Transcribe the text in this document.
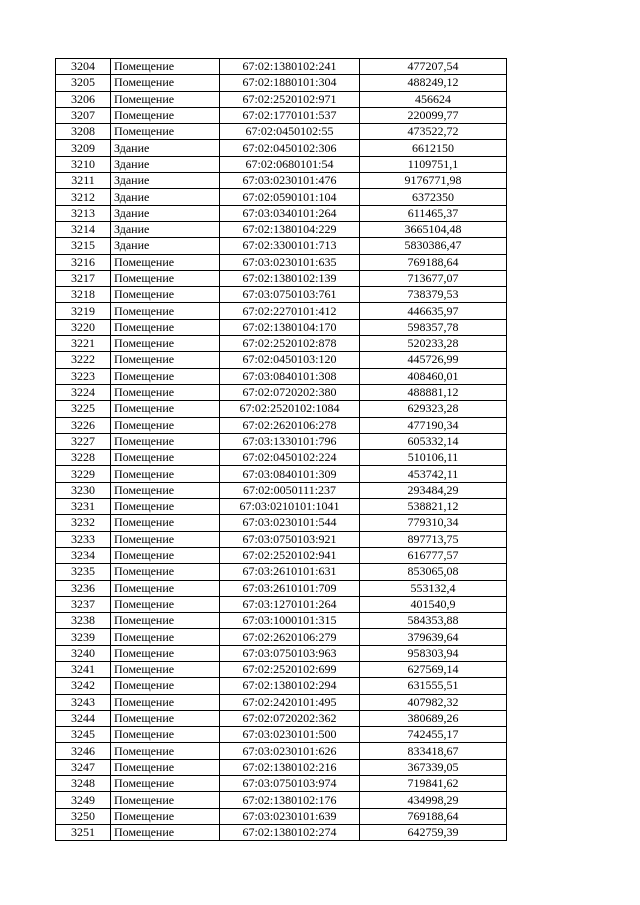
3204	Помещение	67:02:1380102:241	477207,54
3205	Помещение	67:02:1880101:304	488249,12
3206	Помещение	67:02:2520102:971	456624
3207	Помещение	67:02:1770101:537	220099,77
3208	Помещение	67:02:0450102:55	473522,72
3209	Здание	67:02:0450102:306	6612150
3210	Здание	67:02:0680101:54	1109751,1
3211	Здание	67:03:0230101:476	9176771,98
3212	Здание	67:02:0590101:104	6372350
3213	Здание	67:03:0340101:264	611465,37
3214	Здание	67:02:1380104:229	3665104,48
3215	Здание	67:02:3300101:713	5830386,47
3216	Помещение	67:03:0230101:635	769188,64
3217	Помещение	67:02:1380102:139	713677,07
3218	Помещение	67:03:0750103:761	738379,53
3219	Помещение	67:02:2270101:412	446635,97
3220	Помещение	67:02:1380104:170	598357,78
3221	Помещение	67:02:2520102:878	520233,28
3222	Помещение	67:02:0450103:120	445726,99
3223	Помещение	67:03:0840101:308	408460,01
3224	Помещение	67:02:0720202:380	488881,12
3225	Помещение	67:02:2520102:1084	629323,28
3226	Помещение	67:02:2620106:278	477190,34
3227	Помещение	67:03:1330101:796	605332,14
3228	Помещение	67:02:0450102:224	510106,11
3229	Помещение	67:03:0840101:309	453742,11
3230	Помещение	67:02:0050111:237	293484,29
3231	Помещение	67:03:0210101:1041	538821,12
3232	Помещение	67:03:0230101:544	779310,34
3233	Помещение	67:03:0750103:921	897713,75
3234	Помещение	67:02:2520102:941	616777,57
3235	Помещение	67:03:2610101:631	853065,08
3236	Помещение	67:03:2610101:709	553132,4
3237	Помещение	67:03:1270101:264	401540,9
3238	Помещение	67:03:1000101:315	584353,88
3239	Помещение	67:02:2620106:279	379639,64
3240	Помещение	67:03:0750103:963	958303,94
3241	Помещение	67:02:2520102:699	627569,14
3242	Помещение	67:02:1380102:294	631555,51
3243	Помещение	67:02:2420101:495	407982,32
3244	Помещение	67:02:0720202:362	380689,26
3245	Помещение	67:03:0230101:500	742455,17
3246	Помещение	67:03:0230101:626	833418,67
3247	Помещение	67:02:1380102:216	367339,05
3248	Помещение	67:03:0750103:974	719841,62
3249	Помещение	67:02:1380102:176	434998,29
3250	Помещение	67:03:0230101:639	769188,64
3251	Помещение	67:02:1380102:274	642759,39
